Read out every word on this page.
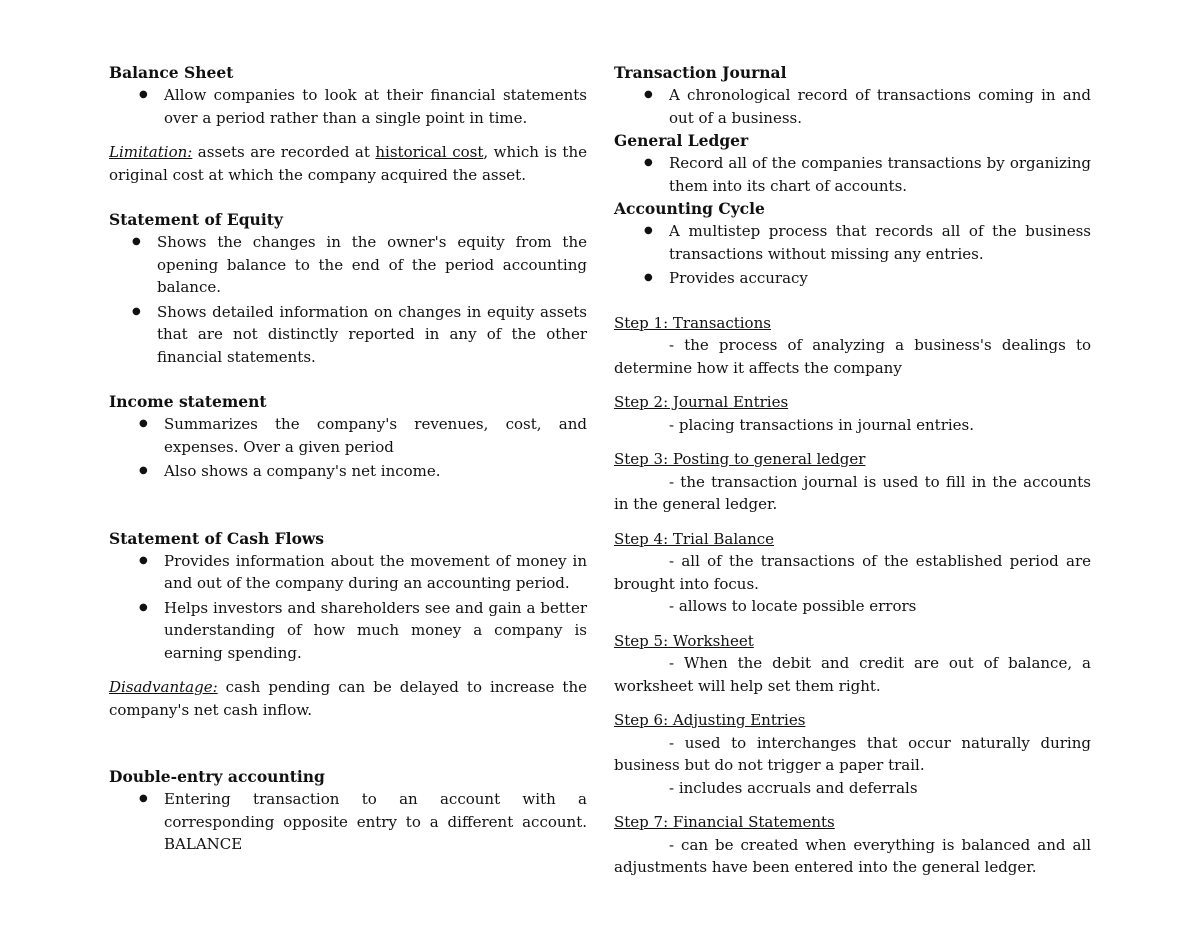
Balance Sheet
● Allow companies to look at their financial statements over a period rather than a single point in time.

Limitation: assets are recorded at historical cost, which is the original cost at which the company acquired the asset.

Statement of Equity
● Shows the changes in the owner's equity from the opening balance to the end of the period accounting balance.
● Shows detailed information on changes in equity assets that are not distinctly reported in any of the other financial statements.
Income statement
● Summarizes the company's revenues, cost, and expenses. Over a given period
● Also shows a company's net income.
Statement of Cash Flows
● Provides information about the movement of money in and out of the company during an accounting period.
● Helps investors and shareholders see and gain a better understanding of how much money a company is earning spending.

Disadvantage: cash pending can be delayed to increase the company's net cash inflow.

Double-entry accounting
● Entering transaction to an account with a corresponding opposite entry to a different account. BALANCE
Transaction Journal
● A chronological record of transactions coming in and out of a business.
General Ledger
● Record all of the companies transactions by organizing them into its chart of accounts.
Accounting Cycle
● A multistep process that records all of the business transactions without missing any entries.
● Provides accuracy

Step 1: Transactions

- the process of analyzing a business's dealings to determine how it affects the company

Step 2: Journal Entries

- placing transactions in journal entries.

Step 3: Posting to general ledger

- the transaction journal is used to fill in the accounts in the general ledger.

Step 4: Trial Balance

- all of the transactions of the established period are brought into focus.

- allows to locate possible errors

Step 5: Worksheet

- When the debit and credit are out of balance, a worksheet will help set them right.

Step 6: Adjusting Entries

- used to interchanges that occur naturally during business but do not trigger a paper trail.

- includes accruals and deferrals

Step 7: Financial Statements

- can be created when everything is balanced and all adjustments have been entered into the general ledger.
